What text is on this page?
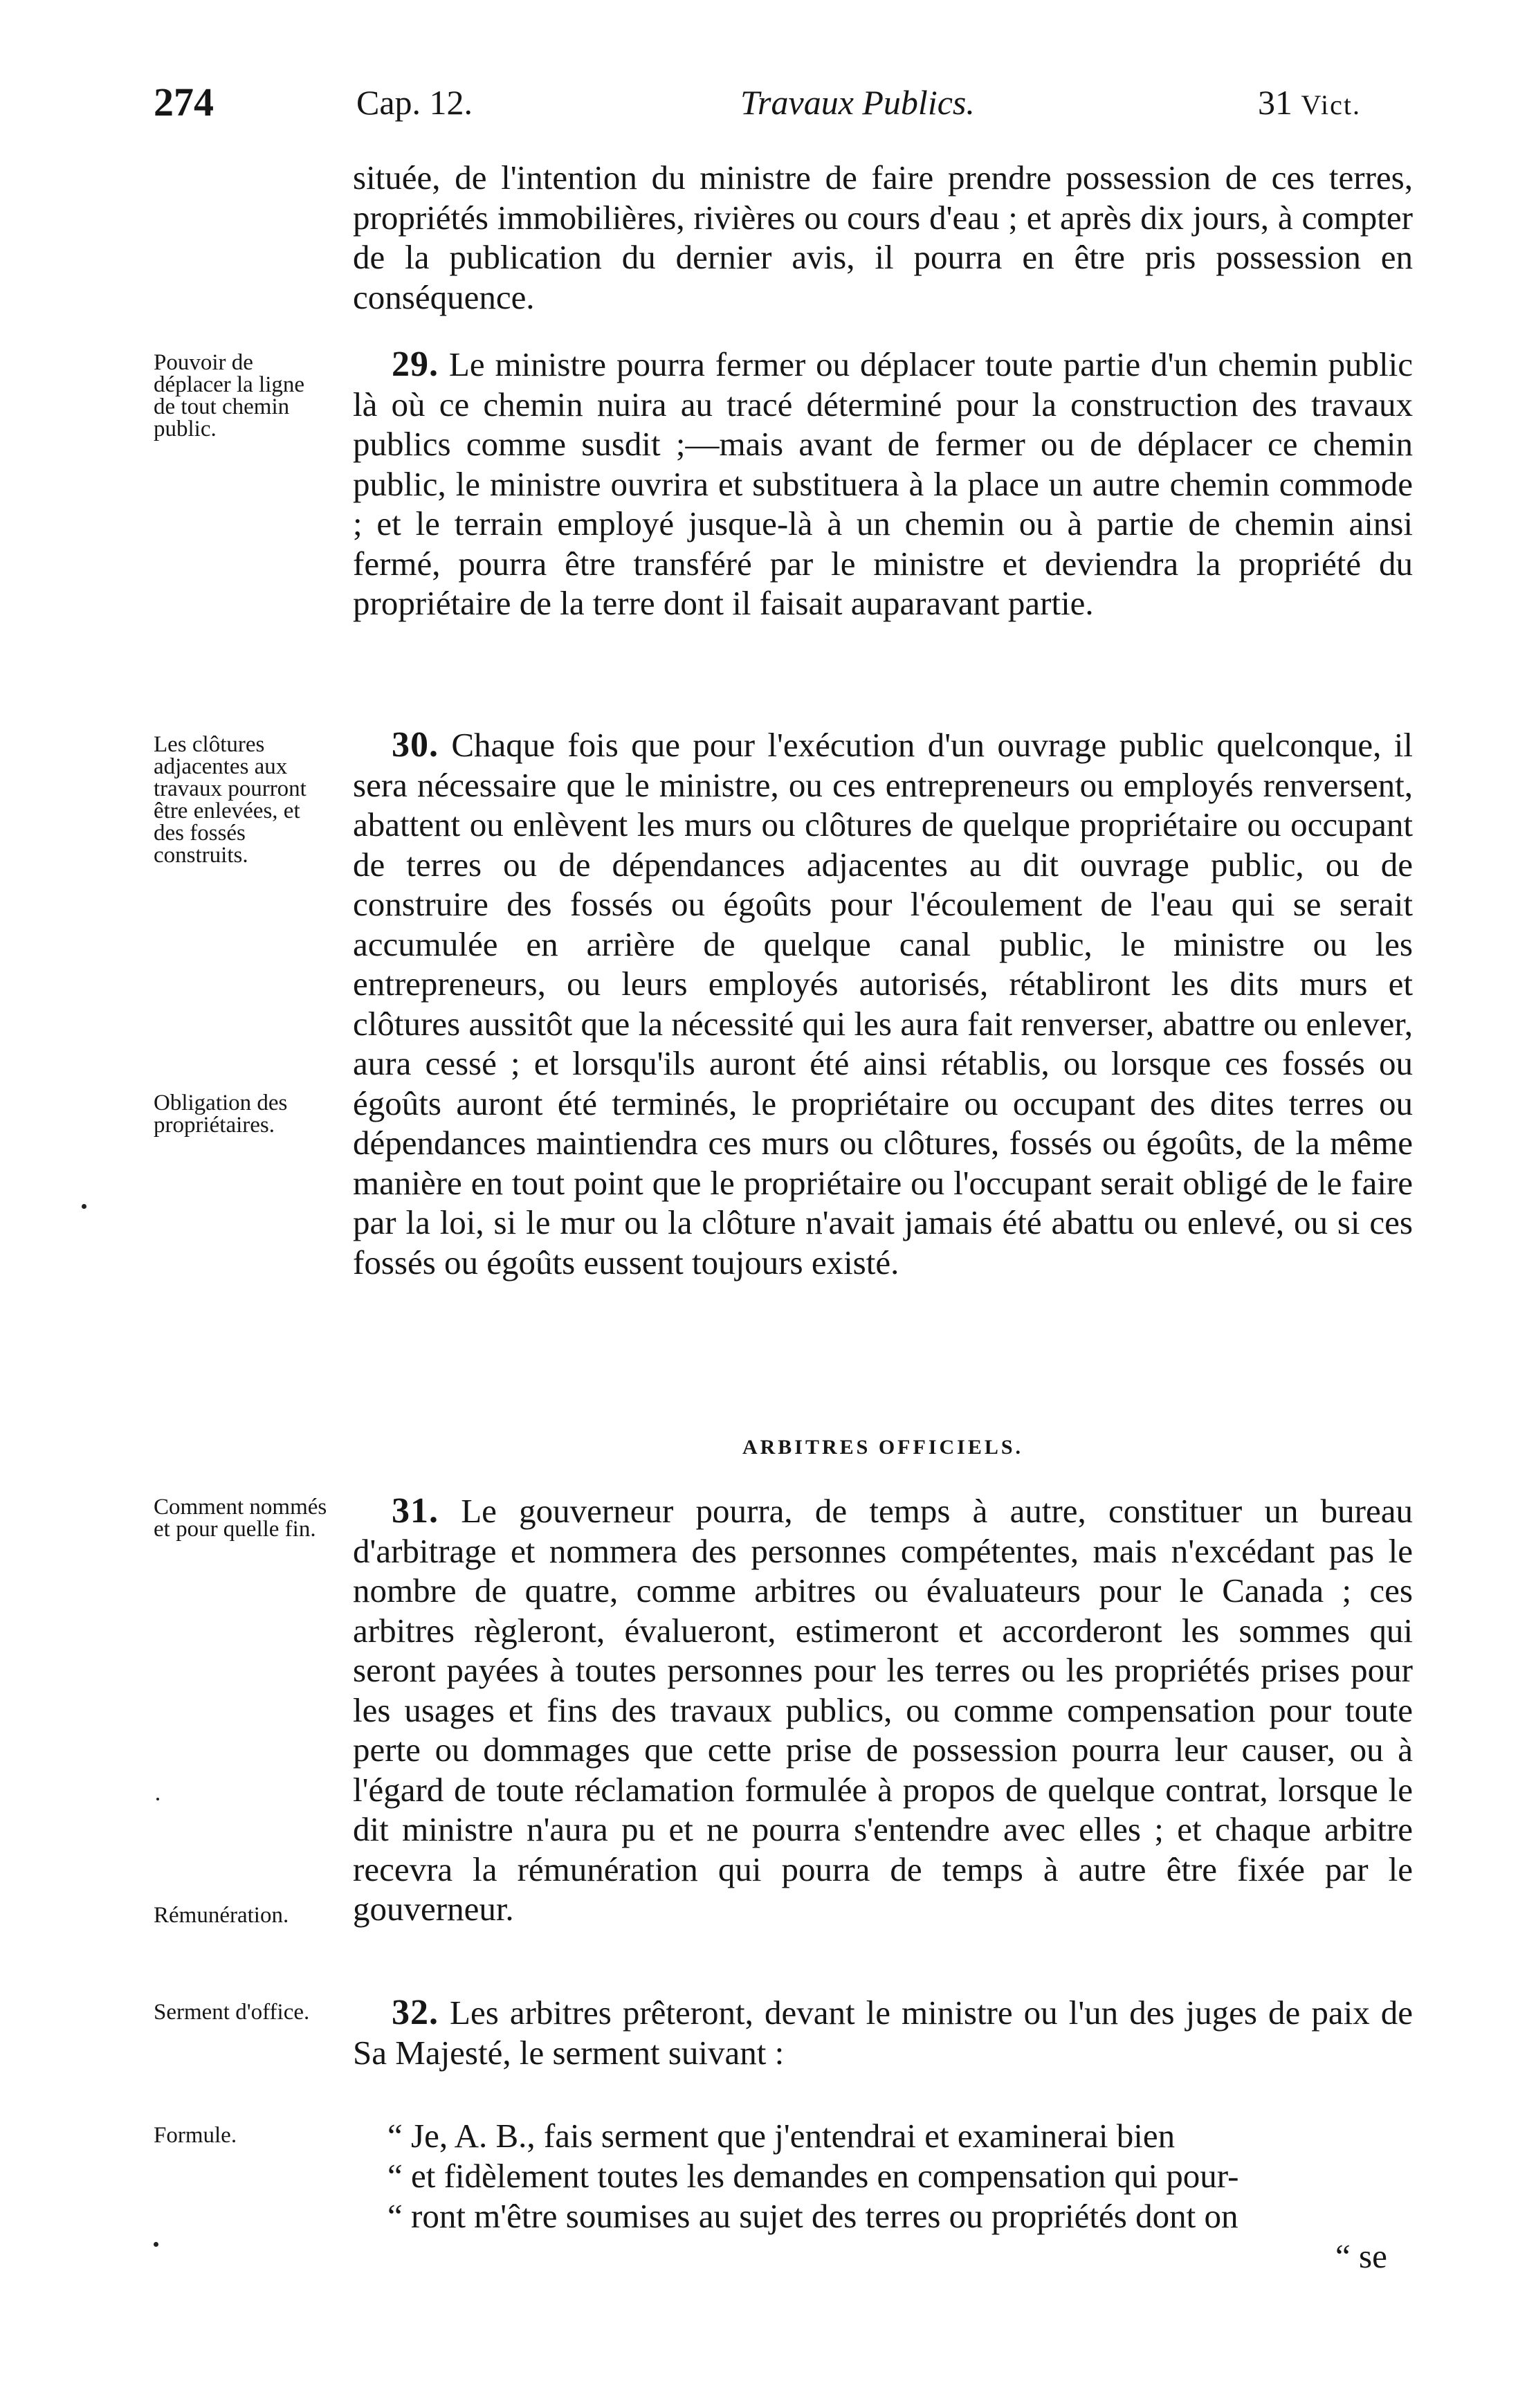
274	Cap. 12.	Travaux Publics.	31 Vict.

située, de l'intention du ministre de faire prendre possession de ces terres, propriétés immobilières, rivières ou cours d'eau ; et après dix jours, à compter de la publication du dernier avis, il pourra en être pris possession en conséquence.

Pouvoir de déplacer la ligne de tout chemin public.

29. Le ministre pourra fermer ou déplacer toute partie d'un chemin public là où ce chemin nuira au tracé déterminé pour la construction des travaux publics comme susdit ;—mais avant de fermer ou de déplacer ce chemin public, le ministre ouvrira et substituera à la place un autre chemin commode ; et le terrain employé jusque-là à un chemin ou à partie de chemin ainsi fermé, pourra être transféré par le ministre et deviendra la propriété du propriétaire de la terre dont il faisait auparavant partie.

Les clôtures adjacentes aux travaux pourront être enlevées, et des fossés construits.
Obligation des propriétaires.

30. Chaque fois que pour l'exécution d'un ouvrage public quelconque, il sera nécessaire que le ministre, ou ces entrepreneurs ou employés renversent, abattent ou enlèvent les murs ou clôtures de quelque propriétaire ou occupant de terres ou de dépendances adjacentes au dit ouvrage public, ou de construire des fossés ou égoûts pour l'écoulement de l'eau qui se serait accumulée en arrière de quelque canal public, le ministre ou les entrepreneurs, ou leurs employés autorisés, rétabliront les dits murs et clôtures aussitôt que la nécessité qui les aura fait renverser, abattre ou enlever, aura cessé ; et lorsqu'ils auront été ainsi rétablis, ou lorsque ces fossés ou égoûts auront été terminés, le propriétaire ou occupant des dites terres ou dépendances maintiendra ces murs ou clôtures, fossés ou égoûts, de la même manière en tout point que le propriétaire ou l'occupant serait obligé de le faire par la loi, si le mur ou la clôture n'avait jamais été abattu ou enlevé, ou si ces fossés ou égoûts eussent toujours existé.

ARBITRES OFFICIELS.
Comment nommés et pour quelle fin.
Rémunération.

31. Le gouverneur pourra, de temps à autre, constituer un bureau d'arbitrage et nommera des personnes compétentes, mais n'excédant pas le nombre de quatre, comme arbitres ou évaluateurs pour le Canada ; ces arbitres règleront, évalueront, estimeront et accorderont les sommes qui seront payées à toutes personnes pour les terres ou les propriétés prises pour les usages et fins des travaux publics, ou comme compensation pour toute perte ou dommages que cette prise de possession pourra leur causer, ou à l'égard de toute réclamation formulée à propos de quelque contrat, lorsque le dit ministre n'aura pu et ne pourra s'entendre avec elles ; et chaque arbitre recevra la rémunération qui pourra de temps à autre être fixée par le gouverneur.

Serment d'office.	32. Les arbitres prêteront, devant le ministre ou l'un des juges de paix de Sa Majesté, le serment suivant :

Formule.	“ Je, A. B., fais serment que j'entendrai et examinerai bien
“ et fidèlement toutes les demandes en compensation qui pour-
“ ront m'être soumises au sujet des terres ou propriétés dont on
“ se
